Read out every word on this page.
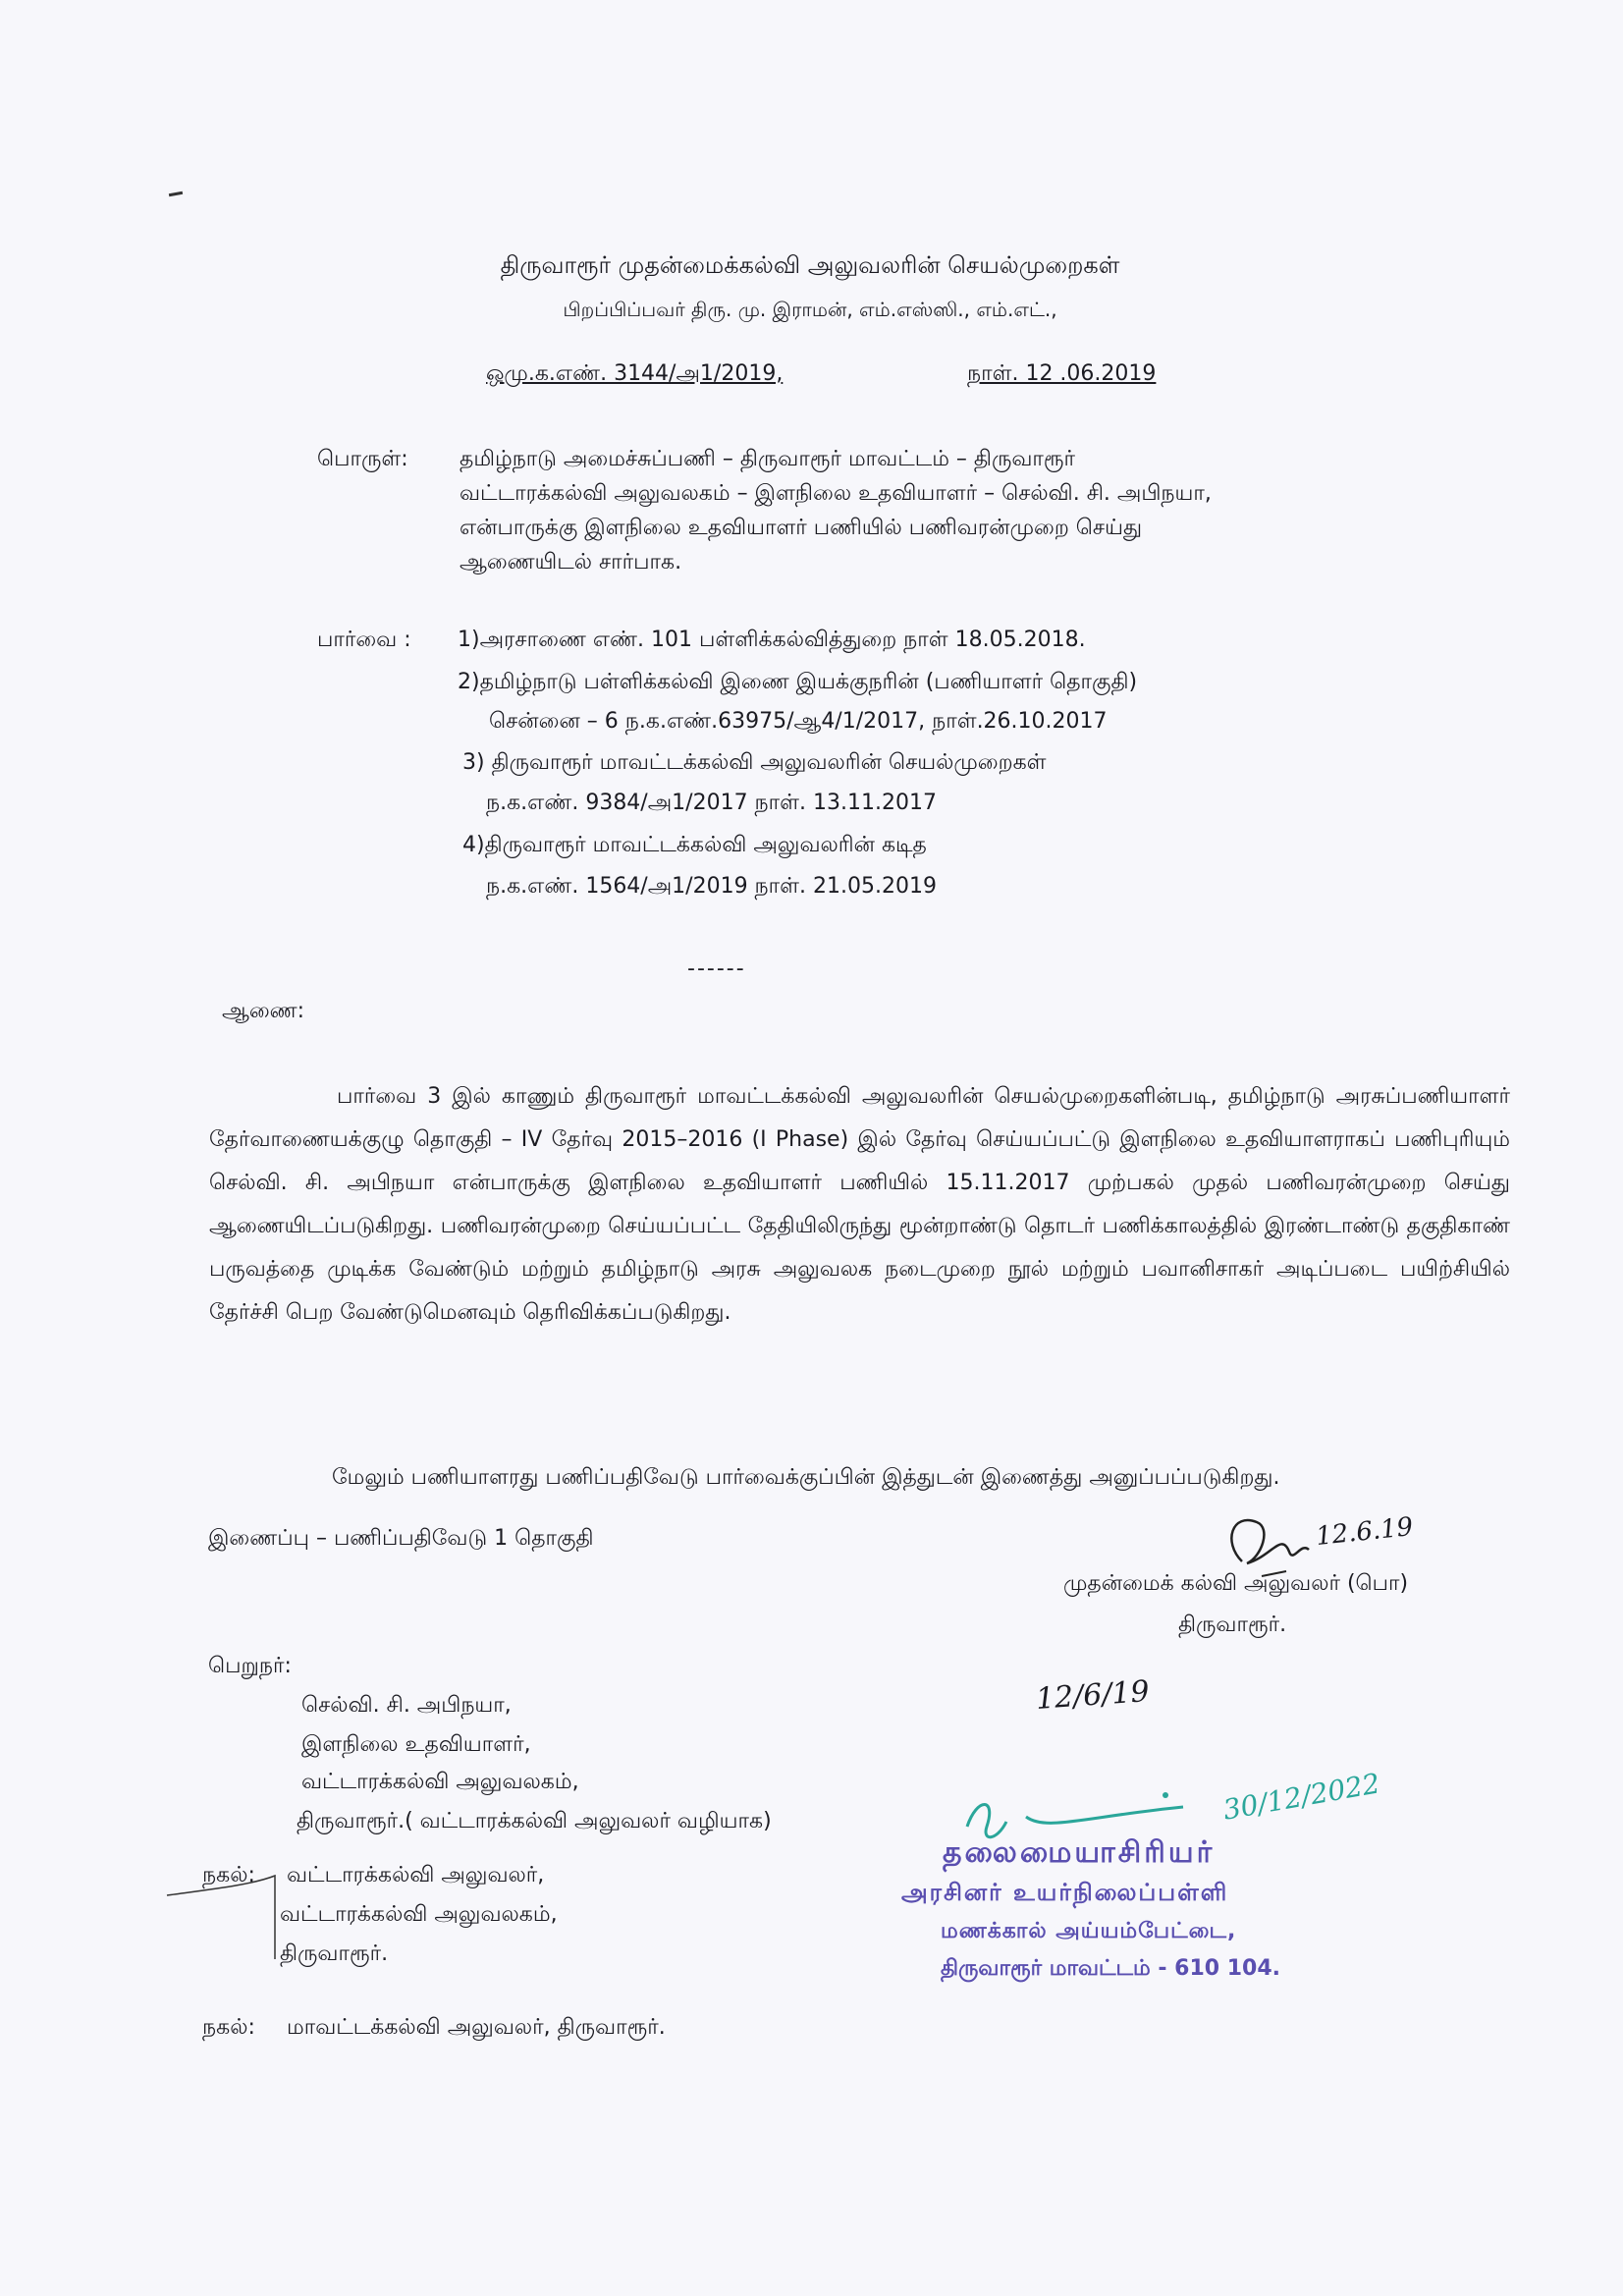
திருவாரூர் முதன்மைக்கல்வி அலுவலரின் செயல்முறைகள்
பிறப்பிப்பவர் திரு. மு. இராமன், எம்.எஸ்ஸி., எம்.எட்.,
ஒமு.க.எண். 3144/அ1/2019,	நாள். 12 .06.2019
பொருள்: தமிழ்நாடு அமைச்சுப்பணி – திருவாரூர் மாவட்டம் – திருவாரூர்
வட்டாரக்கல்வி அலுவலகம் – இளநிலை உதவியாளர் – செல்வி. சி. அபிநயா,
என்பாருக்கு இளநிலை உதவியாளர் பணியில் பணிவரன்முறை செய்து
ஆணையிடல் சார்பாக.
பார்வை : 1)அரசாணை எண். 101 பள்ளிக்கல்வித்துறை நாள் 18.05.2018.
2)தமிழ்நாடு பள்ளிக்கல்வி இணை இயக்குநரின் (பணியாளர் தொகுதி)
சென்னை – 6 ந.க.எண்.63975/ஆ4/1/2017, நாள்.26.10.2017
3) திருவாரூர் மாவட்டக்கல்வி அலுவலரின் செயல்முறைகள்
ந.க.எண். 9384/அ1/2017 நாள். 13.11.2017
4)திருவாரூர் மாவட்டக்கல்வி அலுவலரின் கடித
ந.க.எண். 1564/அ1/2019 நாள். 21.05.2019
------
ஆணை:
பார்வை 3 இல் காணும் திருவாரூர் மாவட்டக்கல்வி அலுவலரின் செயல்முறைகளின்படி, தமிழ்நாடு அரசுப்பணியாளர் தேர்வாணையக்குழு தொகுதி – IV தேர்வு 2015–2016 (I Phase) இல் தேர்வு செய்யப்பட்டு இளநிலை உதவியாளராகப் பணிபுரியும் செல்வி. சி. அபிநயா என்பாருக்கு இளநிலை உதவியாளர் பணியில் 15.11.2017 முற்பகல் முதல் பணிவரன்முறை செய்து ஆணையிடப்படுகிறது. பணிவரன்முறை செய்யப்பட்ட தேதியிலிருந்து மூன்றாண்டு தொடர் பணிக்காலத்தில் இரண்டாண்டு தகுதிகாண் பருவத்தை முடிக்க வேண்டும் மற்றும் தமிழ்நாடு அரசு அலுவலக நடைமுறை நூல் மற்றும் பவானிசாகர் அடிப்படை பயிற்சியில் தேர்ச்சி பெற வேண்டுமெனவும் தெரிவிக்கப்படுகிறது.
மேலும் பணியாளரது பணிப்பதிவேடு பார்வைக்குப்பின் இத்துடன் இணைத்து அனுப்பப்படுகிறது.
இணைப்பு – பணிப்பதிவேடு 1 தொகுதி	12.6.19
முதன்மைக் கல்வி அலுவலர் (பொ)
திருவாரூர்.
பெறுநர்:
செல்வி. சி. அபிநயா,
இளநிலை உதவியாளர்,
வட்டாரக்கல்வி அலுவலகம்,
திருவாரூர்.( வட்டாரக்கல்வி அலுவலர் வழியாக)
12/6/19
நகல்: வட்டாரக்கல்வி அலுவலர்,
வட்டாரக்கல்வி அலுவலகம்,
திருவாரூர்.
நகல்: மாவட்டக்கல்வி அலுவலர், திருவாரூர்.
30/12/2022
தலைமையாசிரியர்
அரசினர் உயர்நிலைப்பள்ளி
மணக்கால் அய்யம்பேட்டை,
திருவாரூர் மாவட்டம் - 610 104.
